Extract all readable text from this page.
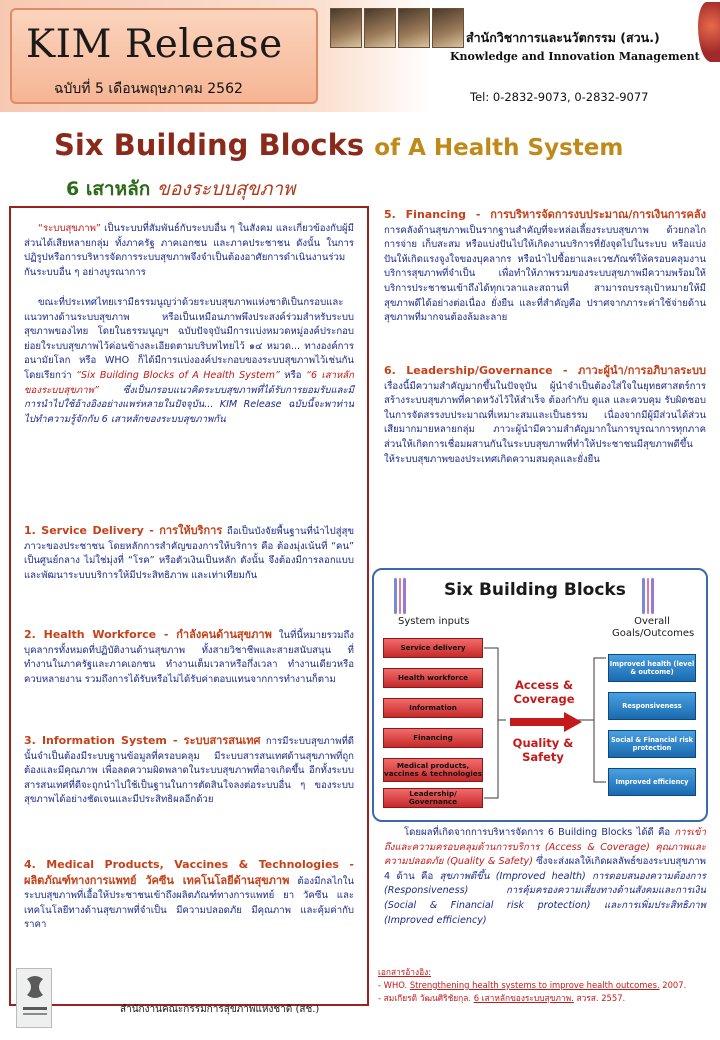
KIM Release
ฉบับที่ 5 เดือนพฤษภาคม 2562
สำนักวิชาการและนวัตกรรม (สวน.)
Knowledge and Innovation Management
Tel: 0-2832-9073, 0-2832-9077
Six Building Blocks of A Health System
6 เสาหลัก ของระบบสุขภาพ

“ระบบสุขภาพ” เป็นระบบที่สัมพันธ์กับระบบอื่น ๆ ในสังคม และเกี่ยวข้องกับผู้มีส่วนได้เสียหลายกลุ่ม ทั้งภาครัฐ ภาคเอกชน และภาคประชาชน ดังนั้น ในการปฏิรูปหรือการบริหารจัดการระบบสุขภาพจึงจำเป็นต้องอาศัยการดำเนินงานร่วมกันระบบอื่น ๆ อย่างบูรณาการ

ขณะที่ประเทศไทยเรามีธรรมนูญว่าด้วยระบบสุขภาพแห่งชาติเป็นกรอบและแนวทางด้านระบบสุขภาพ หรือเป็นเหมือนภาพพึงประสงค์ร่วมสำหรับระบบสุขภาพของไทย โดยในธรรมนูญฯ ฉบับปัจจุบันมีการแบ่งหมวดหมู่องค์ประกอบย่อยใระบบสุขภาพไว้ค่อนข้างละเอียดตามบริบทไทยไว้ ๑๔ หมวด... ทางองค์การอนามัยโลก หรือ WHO ก็ได้มีการแบ่งองค์ประกอบของระบบสุขภาพไว้เช่นกัน โดยเรียกว่า “Six Building Blocks of A Health System” หรือ “6 เสาหลักของระบบสุขภาพ” ซึ่งเป็นกรอบแนวคิดระบบสุขภาพที่ได้รับการยอมรับและมีการนำไปใช้อ้างอิงอย่างแพร่หลายในปัจจุบัน... KIM Release ฉบับนี้จะพาท่านไปทำความรู้จักกับ 6 เสาหลักของระบบสุขภาพกัน

1. Service Delivery - การให้บริการ ถือเป็นบังจัยพื้นฐานที่นำไปสู่สุขภาวะของประชาชน โดยหลักการสำคัญของการให้บริการ คือ ต้องมุ่งเน้นที่ “คน” เป็นศูนย์กลาง ไม่ใช่มุ่งที่ “โรค” หรือตัวเงินเป็นหลัก ดังนั้น จึงต้องมีการลอกแบบและพัฒนาระบบบริการให้มีประสิทธิภาพ และเท่าเทียมกัน

2. Health Workforce - กำลังคนด้านสุขภาพ ในที่นี้หมายรวมถึง บุคลากรทั้งหมดที่ปฏิบัติงานด้านสุขภาพ ทั้งสายวิชาชีพและสายสนับสนุน ที่ทำงานในภาครัฐและภาคเอกชน ทำงานเต็มเวลาหรือกึ่งเวลา ทำงานเดียวหรือควบหลายงาน รวมถึงการได้รับหรือไม่ได้รับค่าตอบแทนจากการทำงานก็ตาม

3. Information System - ระบบสารสนเทศ การมีระบบสุขภาพที่ดีนั้นจำเป็นต้องมีระบบฐานข้อมูลที่ครอบคลุม มีระบบสารสนเทศด้านสุขภาพที่ถูกต้องและมีคุณภาพ เพื่อลดความผิดพลาดในระบบสุขภาพที่อาจเกิดขึ้น อีกทั้งระบบสารสนเทศที่ดีจะถูกนำไปใช้เป็นฐานในการตัดสินใจลงต่อระบบอื่น ๆ ของระบบสุขภาพได้อย่างชัดเจนและมีประสิทธิผลอีกด้วย

4. Medical Products, Vaccines & Technologies - ผลิตภัณฑ์ทางการแพทย์ วัคซีน เทคโนโลยีด้านสุขภาพ ต้องมีกลไกในระบบสุขภาพที่เอื้อให้ประชาชนเข้าถึงผลิตภัณฑ์ทางการแพทย์ ยา วัคซีน และเทคโนโลยีทางด้านสุขภาพที่จำเป็น มีความปลอดภัย มีคุณภาพ และคุ้มค่ากับราคา

5. Financing - การบริหารจัดการงบประมาณ/การเงินการคลัง การคลังด้านสุขภาพเป็นรากฐานสำคัญที่จะหล่อเลี้ยงระบบสุขภาพ ด้วยกลไกการจ่าย เก็บสะสม หรือแบ่งปันไปให้เกิดงานบริการที่ยังจุดไปในระบบ หรือแบ่งปันให้เกิดแรงจูงใจของบุคลากร หรือนำไปซื้อยาและเวชภัณฑ์ให้ครอบคลุมงานบริการสุขภาพที่จำเป็น เพื่อทำให้ภาพรวมของระบบสุขภาพมีความพร้อมให้บริการประชาชนเข้าถึงได้ทุกเวลาและสถานที่ สามารถบรรลุเป้าหมายให้มีสุขภาพดีได้อย่างต่อเนื่อง ยั่งยืน และที่สำคัญคือ ปราศจากภาระค่าใช้จ่ายด้านสุขภาพที่มากจนต้องล้มละลาย

6. Leadership/Governance - ภาวะผู้นำ/การอภิบาลระบบ เรื่องนี้มีความสำคัญมากขึ้นในปัจจุบัน ผู้นำจำเป็นต้องใส่ใจในยุทธศาสตร์การสร้างระบบสุขภาพที่คาดหวังไว้ให้สำเร็จ ต้องกำกับ ดูแล และควบคุม รับผิดชอบในการจัดสรรงบประมาณที่เหมาะสมและเป็นธรรม เนื่องจากมีผู้มีส่วนได้ส่วนเสียมากมายหลายกลุ่ม ภาวะผู้นำมีความสำคัญมากในการบูรณาการทุกภาคส่วนให้เกิดการเชื่อมผสานกันในระบบสุขภาพที่ทำให้ประชาชนมีสุขภาพดีขึ้น ให้ระบบสุขภาพของประเทศเกิดความสมดุลและยั่งยืน

Six Building Blocks
System inputs	Overall Goals/Outcomes
Service delivery
Health workforce
Information
Financing
Medical products, vaccines & technologies
Leadership/ Governance
Access & Coverage
Quality & Safety
Improved health (level & outcome)
Responsiveness
Social & Financial risk protection
Improved efficiency

โดยผลที่เกิดจากการบริหารจัดการ 6 Building Blocks ได้ดี คือ การเข้าถึงและความครอบคลุมด้านการบริการ (Access & Coverage) คุณภาพและความปลอดภัย (Quality & Safety) ซึ่งจะส่งผลให้เกิดผลลัพธ์ของระบบสุขภาพ 4 ด้าน คือ สุขภาพดีขึ้น (Improved health) การตอบสนองความต้องการ (Responsiveness) การคุ้มครองความเสี่ยงทางด้านสังคมและการเงิน (Social & Financial risk protection) และการเพิ่มประสิทธิภาพ (Improved efficiency)

สำนักงานคณะกรรมการสุขภาพแห่งชาติ (สช.)
เอกสารอ้างอิง:
- WHO. Strengthening health systems to improve health outcomes. 2007.
- สมเกียรติ วัฒนศิริชัยกุล. 6 เสาหลักของระบบสุขภาพ. สวรส. 2557.
